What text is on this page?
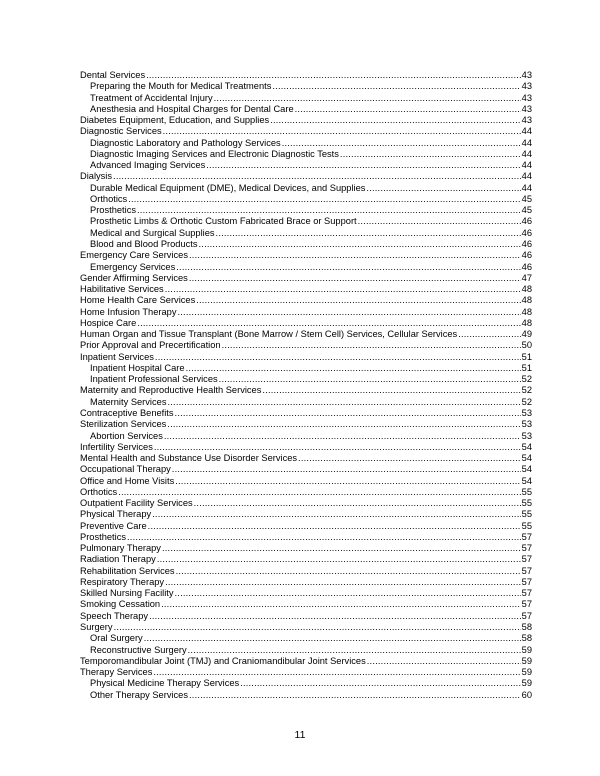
Dental Services .....	43
Preparing the Mouth for Medical Treatments .....	43
Treatment of Accidental Injury .....	43
Anesthesia and Hospital Charges for Dental Care .....	43
Diabetes Equipment, Education, and Supplies .....	43
Diagnostic Services .....	44
Diagnostic Laboratory and Pathology Services .....	44
Diagnostic Imaging Services and Electronic Diagnostic Tests .....	44
Advanced Imaging Services .....	44
Dialysis .....	44
Durable Medical Equipment (DME), Medical Devices, and Supplies .....	44
Orthotics .....	45
Prosthetics .....	45
Prosthetic Limbs & Orthotic Custom Fabricated Brace or Support .....	46
Medical and Surgical Supplies .....	46
Blood and Blood Products .....	46
Emergency Care Services .....	46
Emergency Services .....	46
Gender Affirming Services .....	47
Habilitative Services .....	48
Home Health Care Services .....	48
Home Infusion Therapy .....	48
Hospice Care .....	48
Human Organ and Tissue Transplant (Bone Marrow / Stem Cell) Services, Cellular Services .....	49
Prior Approval and Precertification .....	50
Inpatient Services .....	51
Inpatient Hospital Care .....	51
Inpatient Professional Services .....	52
Maternity and Reproductive Health Services .....	52
Maternity Services .....	52
Contraceptive Benefits .....	53
Sterilization Services .....	53
Abortion Services .....	53
Infertility Services .....	54
Mental Health and Substance Use Disorder Services .....	54
Occupational Therapy .....	54
Office and Home Visits .....	54
Orthotics .....	55
Outpatient Facility Services .....	55
Physical Therapy .....	55
Preventive Care .....	55
Prosthetics .....	57
Pulmonary Therapy .....	57
Radiation Therapy .....	57
Rehabilitation Services .....	57
Respiratory Therapy .....	57
Skilled Nursing Facility .....	57
Smoking Cessation .....	57
Speech Therapy .....	57
Surgery .....	58
Oral Surgery .....	58
Reconstructive Surgery .....	59
Temporomandibular Joint (TMJ) and Craniomandibular Joint Services .....	59
Therapy Services .....	59
Physical Medicine Therapy Services .....	59
Other Therapy Services .....	60
11
